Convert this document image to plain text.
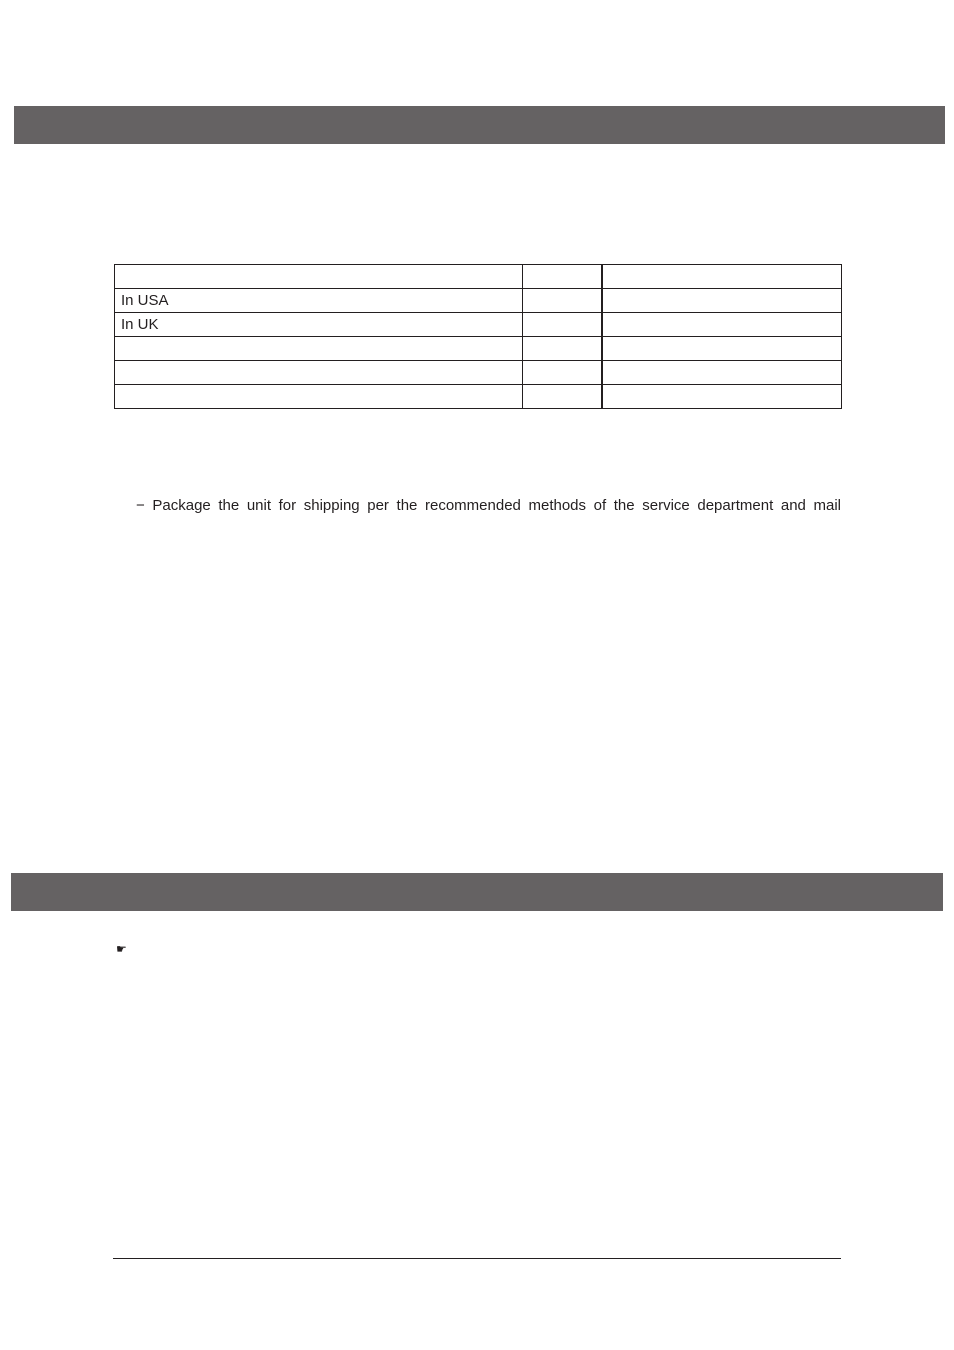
In USA		
In UK		

− Package the unit for shipping per the recommended methods of the service department and mail
☛
